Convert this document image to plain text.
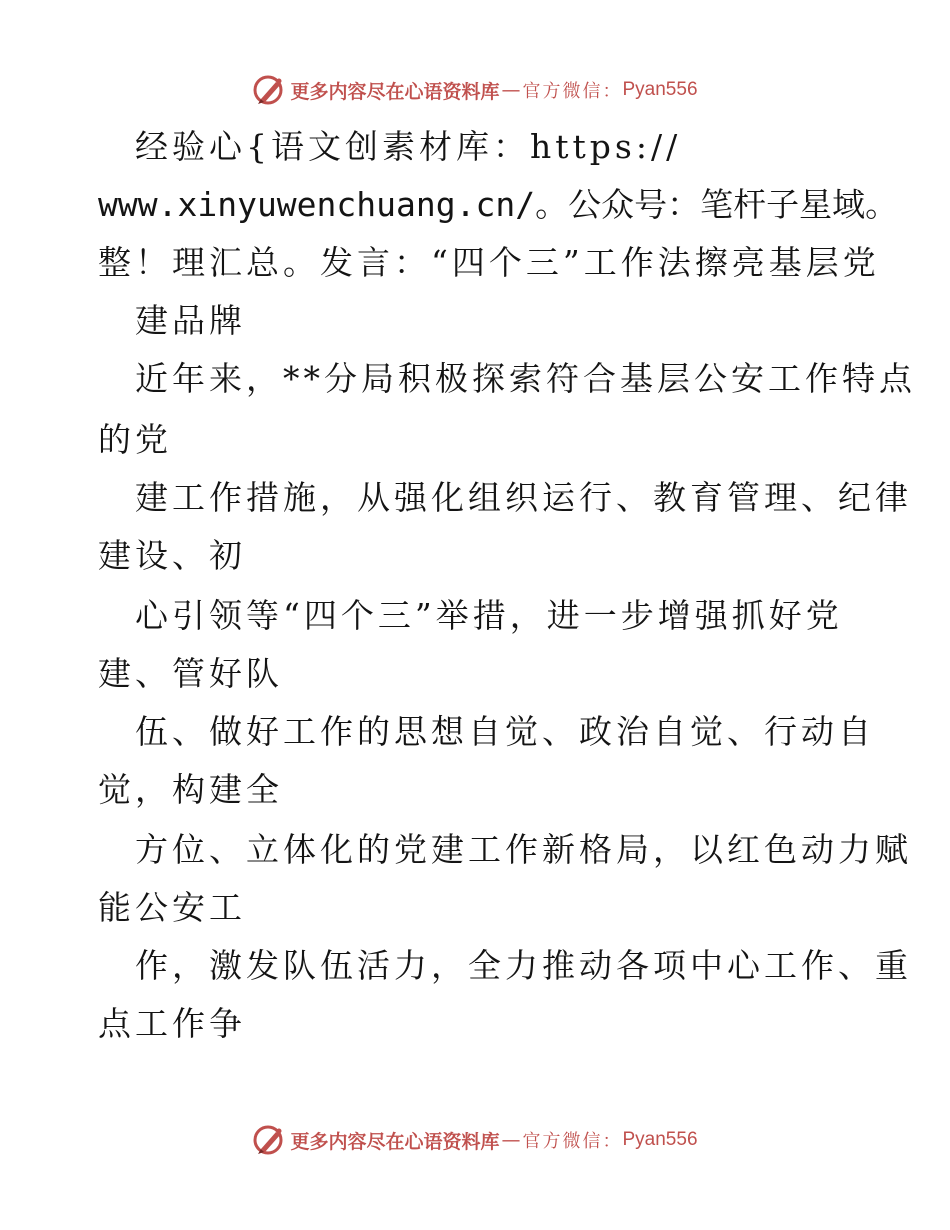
更多内容尽在心语资料库 — 官方微信： Pyan556
经验心{语文创素材库：https://
www.xinyuwenchuang.cn/。公众号：笔杆子星域。
整！理汇总。发言：“四个三”工作法擦亮基层党
建品牌
近年来，**分局积极探索符合基层公安工作特点
的党
建工作措施，从强化组织运行、教育管理、纪律
建设、初
心引领等“四个三”举措，进一步增强抓好党
建、管好队
伍、做好工作的思想自觉、政治自觉、行动自
觉，构建全
方位、立体化的党建工作新格局，以红色动力赋
能公安工
作，激发队伍活力，全力推动各项中心工作、重
点工作争
更多内容尽在心语资料库 — 官方微信： Pyan556
